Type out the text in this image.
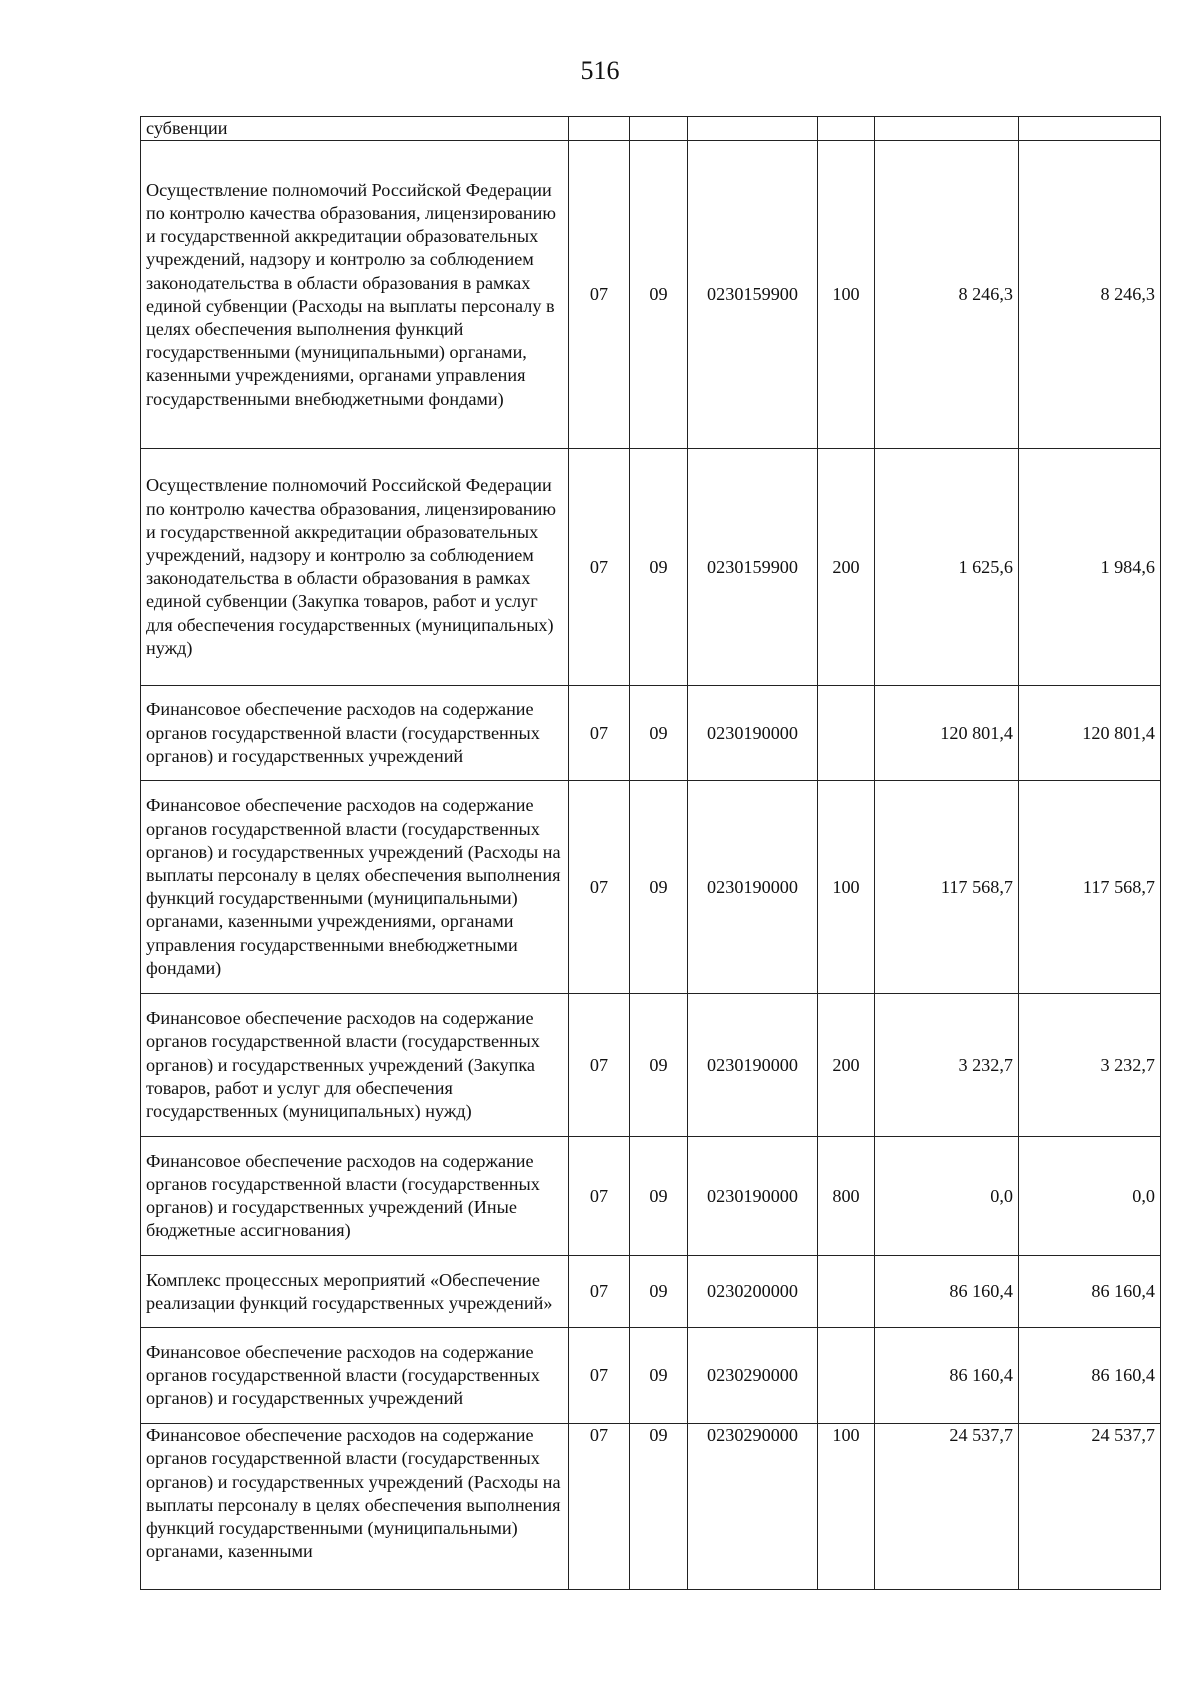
516
субвенции						
Осуществление полномочий Российской Федерации по контролю качества образования, лицензированию и государственной аккредитации образовательных учреждений, надзору и контролю за соблюдением законодательства в области образования в рамках единой субвенции (Расходы на выплаты персоналу в целях обеспечения выполнения функций государственными (муниципальными) органами, казенными учреждениями, органами управления государственными внебюджетными фондами)	07	09	0230159900	100	8 246,3	8 246,3
Осуществление полномочий Российской Федерации по контролю качества образования, лицензированию и государственной аккредитации образовательных учреждений, надзору и контролю за соблюдением законодательства в области образования в рамках единой субвенции (Закупка товаров, работ и услуг для обеспечения государственных (муниципальных) нужд)	07	09	0230159900	200	1 625,6	1 984,6
Финансовое обеспечение расходов на содержание органов государственной власти (государственных органов) и государственных учреждений	07	09	0230190000		120 801,4	120 801,4
Финансовое обеспечение расходов на содержание органов государственной власти (государственных органов) и государственных учреждений (Расходы на выплаты персоналу в целях обеспечения выполнения функций государственными (муниципальными) органами, казенными учреждениями, органами управления государственными внебюджетными фондами)	07	09	0230190000	100	117 568,7	117 568,7
Финансовое обеспечение расходов на содержание органов государственной власти (государственных органов) и государственных учреждений (Закупка товаров, работ и услуг для обеспечения государственных (муниципальных) нужд)	07	09	0230190000	200	3 232,7	3 232,7
Финансовое обеспечение расходов на содержание органов государственной власти (государственных органов) и государственных учреждений (Иные бюджетные ассигнования)	07	09	0230190000	800	0,0	0,0
Комплекс процессных мероприятий «Обеспечение реализации функций государственных учреждений»	07	09	0230200000		86 160,4	86 160,4
Финансовое обеспечение расходов на содержание органов государственной власти (государственных органов) и государственных учреждений	07	09	0230290000		86 160,4	86 160,4
Финансовое обеспечение расходов на содержание органов государственной власти (государственных органов) и государственных учреждений (Расходы на выплаты персоналу в целях обеспечения выполнения функций государственными (муниципальными) органами, казенными	07	09	0230290000	100	24 537,7	24 537,7
